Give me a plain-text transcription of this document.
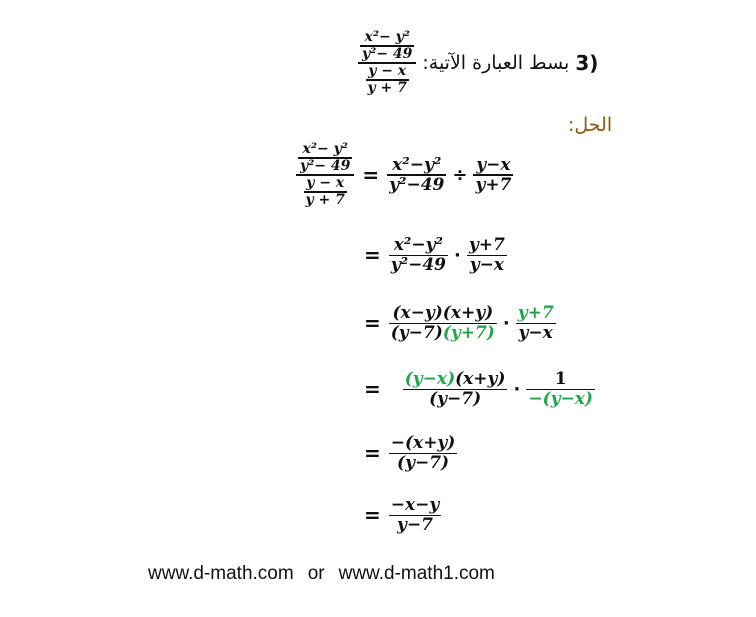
$\frac{\frac{\text{x²− y²}}{\text{y²− 49}}}{\frac{y - x}{y + 7}}$ بسط العبارة الآتية: 3)
الحل:
$\frac{\frac{\text{x²− y²}}{\text{y²− 49}}}{\frac{y - x}{y + 7}} = \frac{\text{x²−y²}}{\text{y²−49}} \div \frac{y-x}{y+7}$
= $\frac{\text{x²−y²}}{\text{y²−49}} \cdot \frac{y+7}{y-x}$
= $\frac{(x-y)(x+y)}{(y-7)(y+7)} \cdot \frac{y+7}{y-x}$
= $\frac{(y-x)(x+y)}{(y-7)} \cdot \frac{1}{-(y-x)}$
= $\frac{-(x+y)}{(y-7)}$
= $\frac{-x-y}{y-7}$
www.d-math.com or www.d-math1.com
